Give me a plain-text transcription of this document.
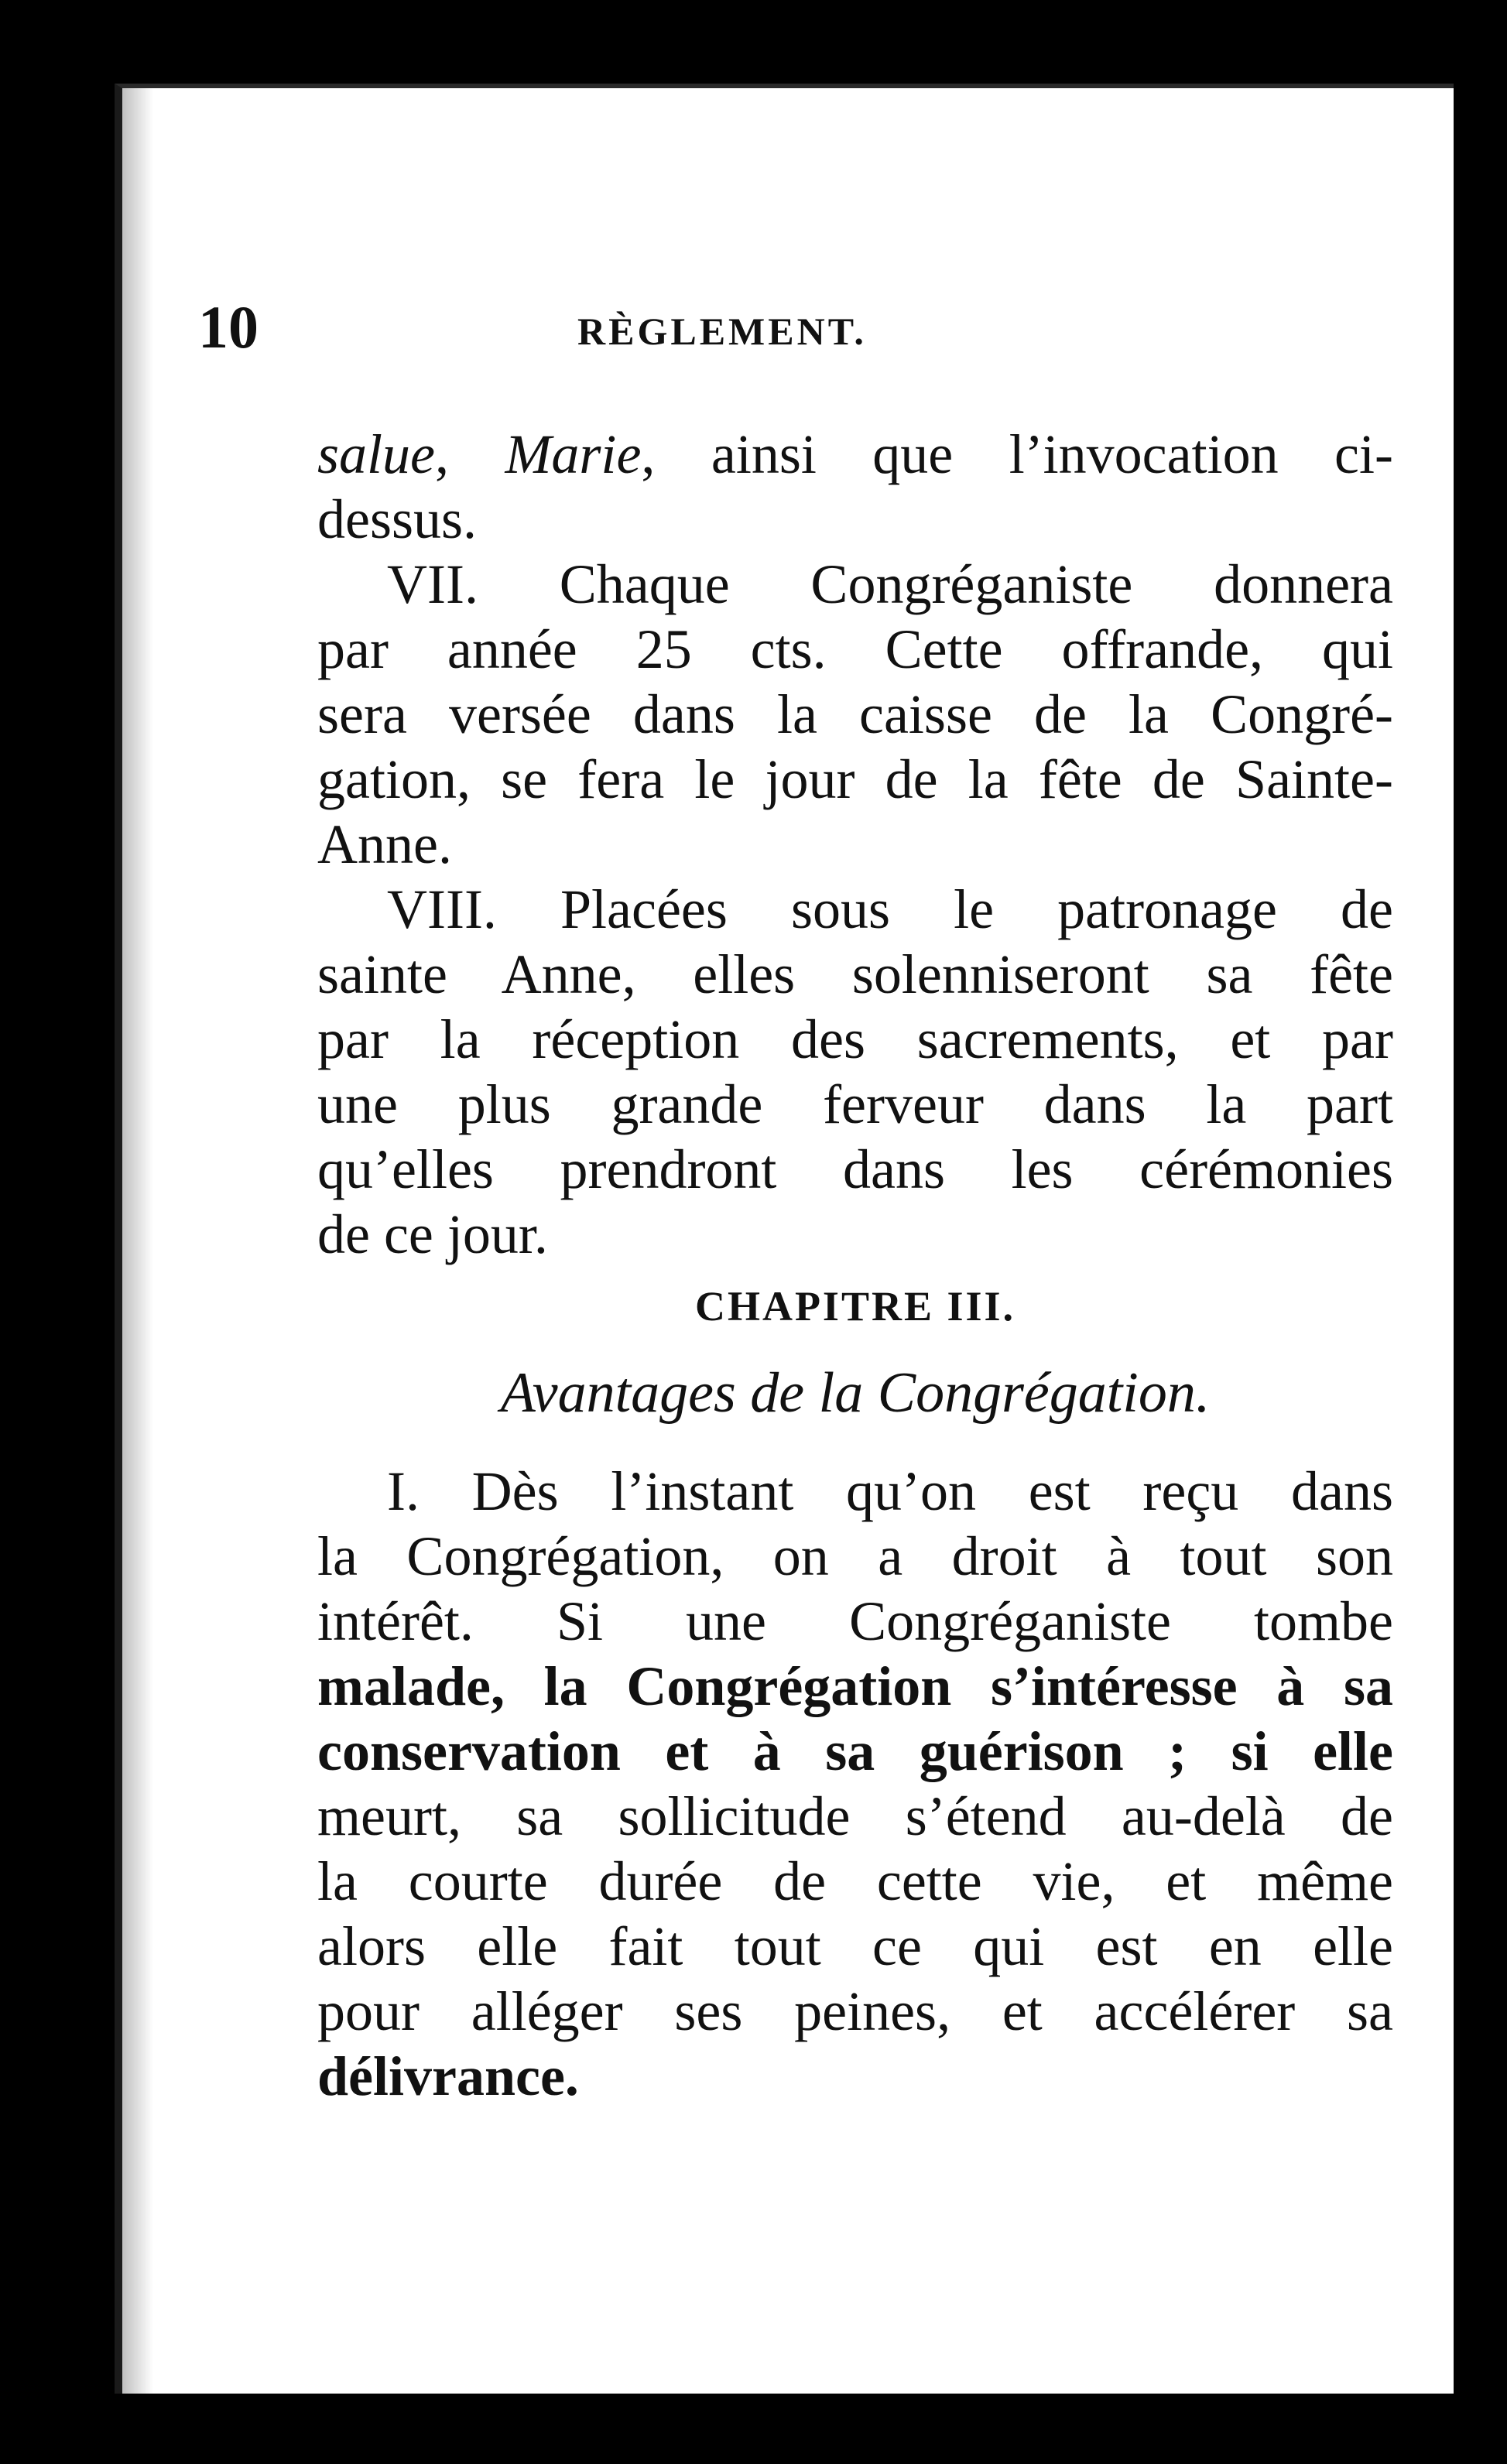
10	RÈGLEMENT.
salue, Marie, ainsi que l’invocation ci-
dessus.
VII. Chaque Congréganiste donnera
par année 25 cts. Cette offrande, qui
sera versée dans la caisse de la Congré-
gation, se fera le jour de la fête de Sainte-
Anne.
VIII. Placées sous le patronage de
sainte Anne, elles solenniseront sa fête
par la réception des sacrements, et par
une plus grande ferveur dans la part
qu’elles prendront dans les cérémonies
de ce jour.
CHAPITRE III.
Avantages de la Congrégation.
I. Dès l’instant qu’on est reçu dans
la Congrégation, on a droit à tout son
intérêt. Si une Congréganiste tombe
malade, la Congrégation s’intéresse à sa
conservation et à sa guérison ; si elle
meurt, sa sollicitude s’étend au-delà de
la courte durée de cette vie, et même
alors elle fait tout ce qui est en elle
pour alléger ses peines, et accélérer sa
délivrance.
